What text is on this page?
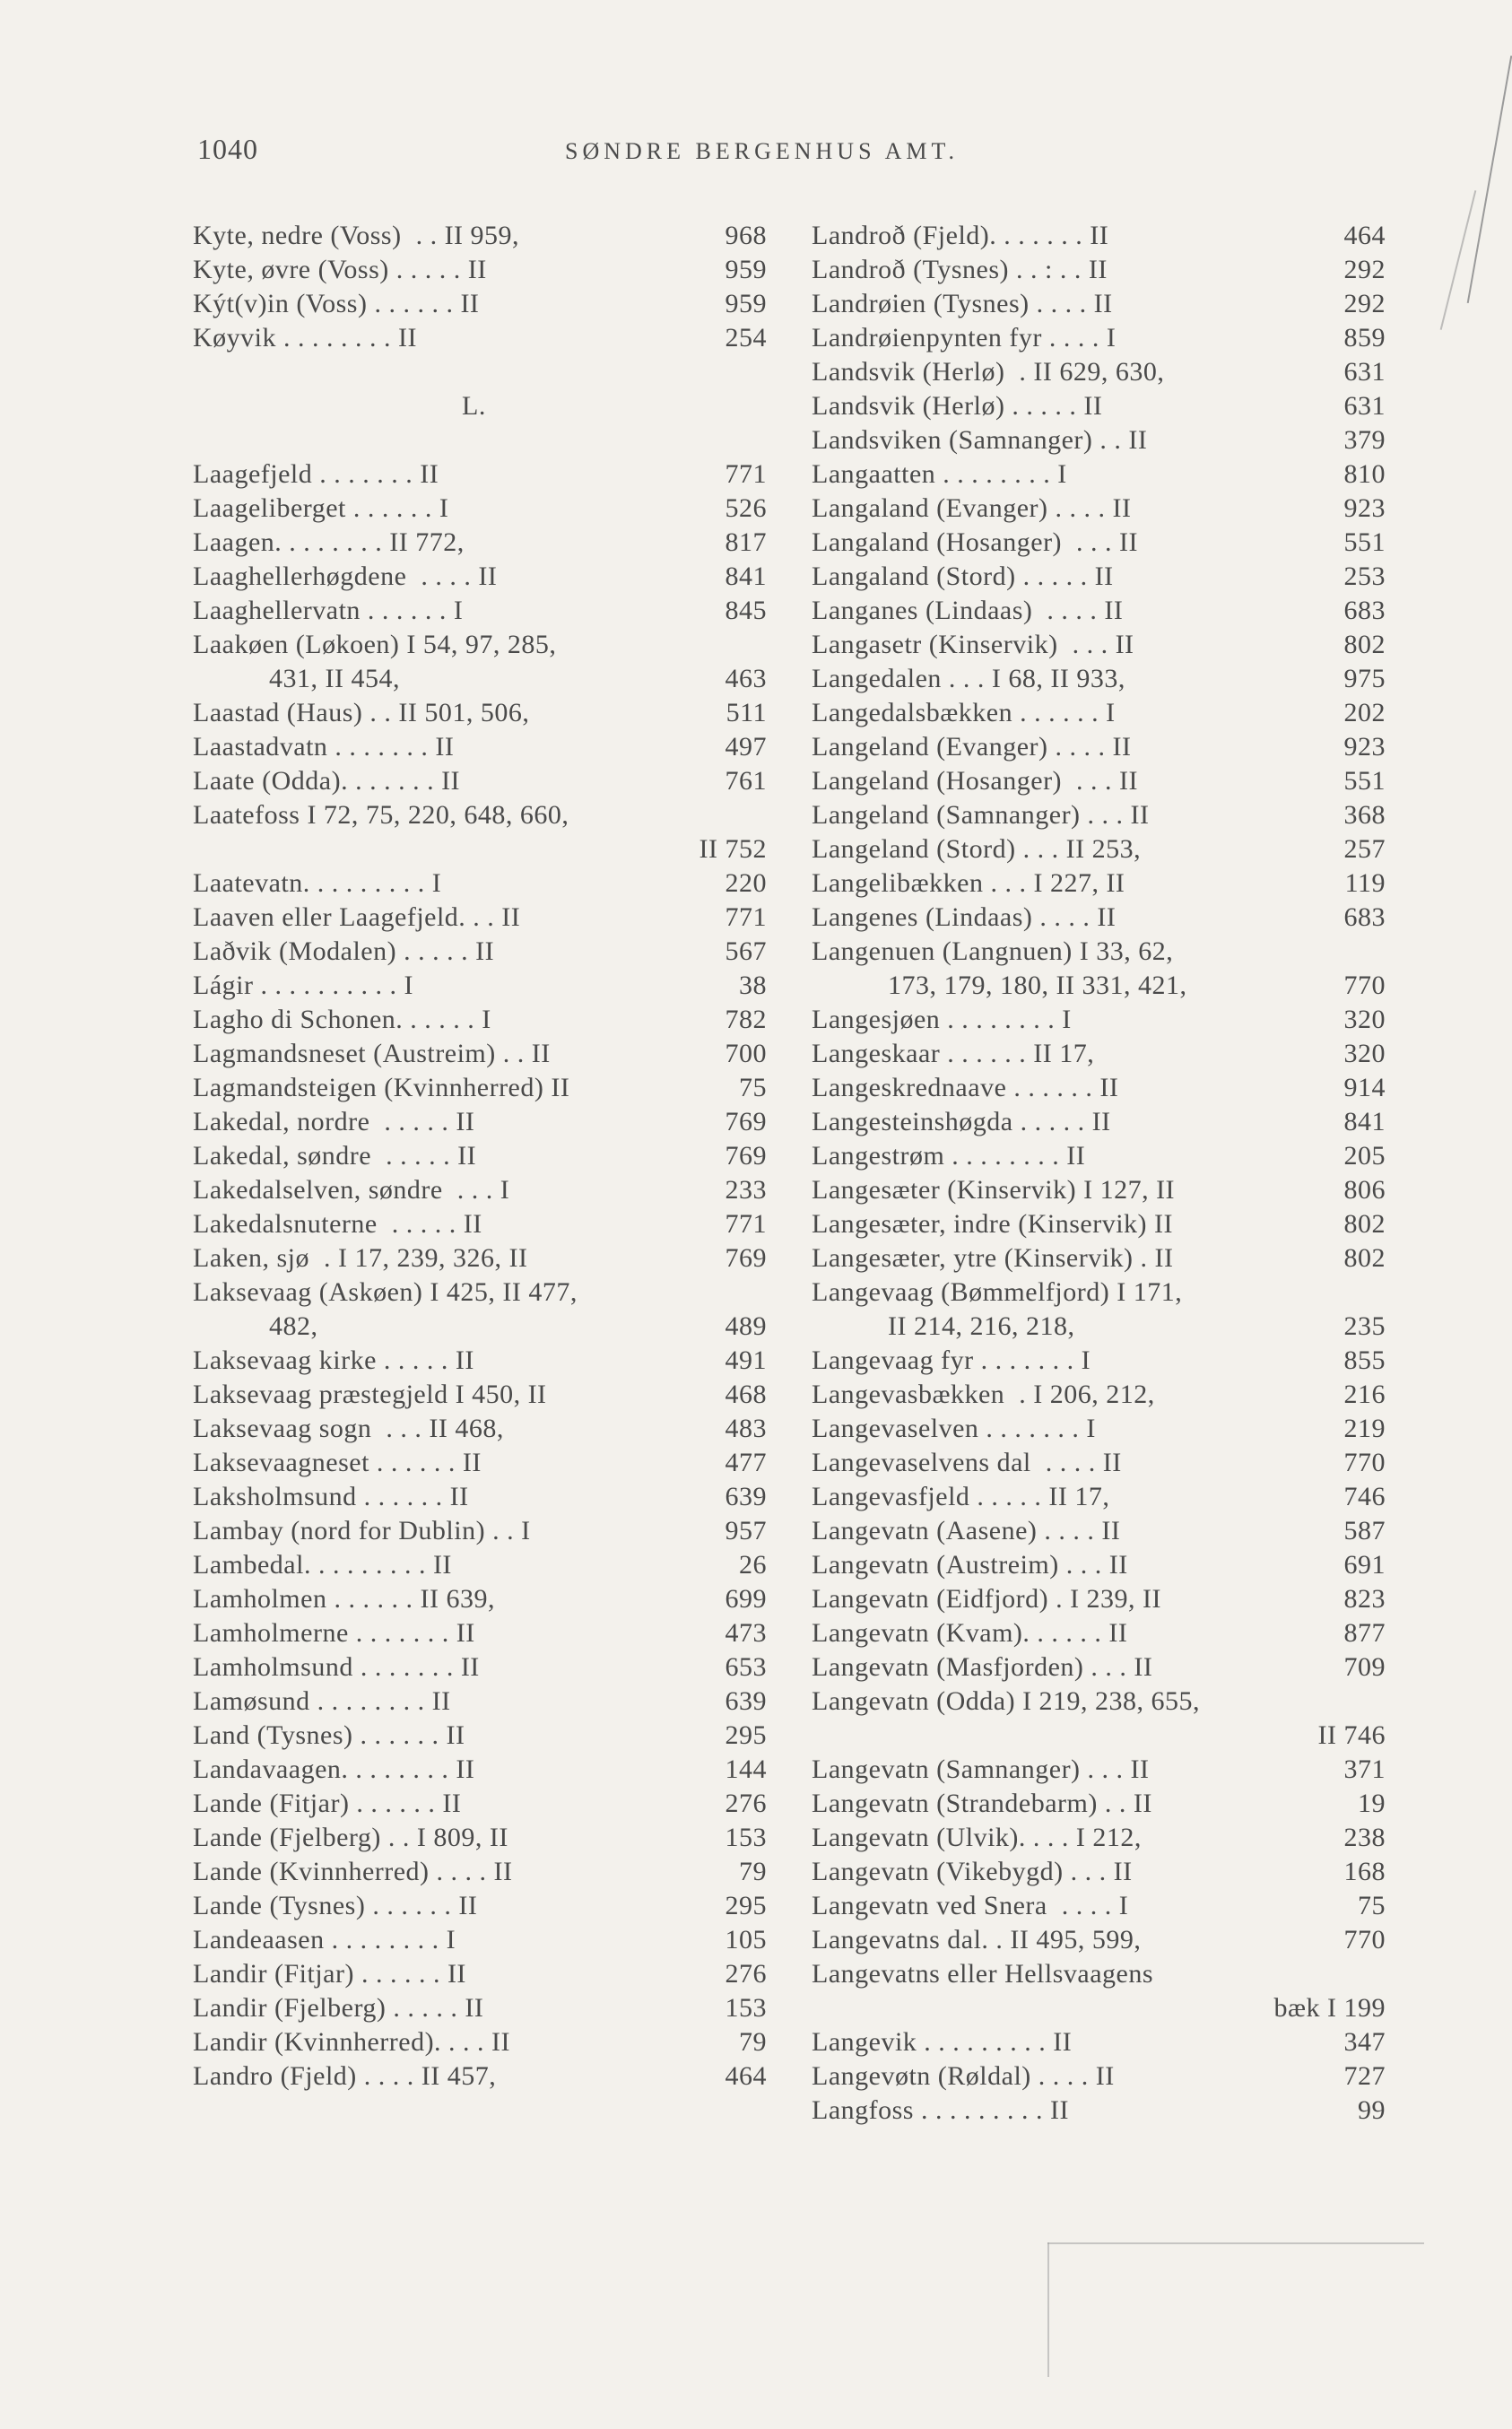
1040	SØNDRE BERGENHUS AMT.
Kyte, nedre (Voss)  . . II 959,	968
Kyte, øvre (Voss) . . . . . II	959
Kýt(v)in (Voss) . . . . . . II	959
Køyvik . . . . . . . . II	254
L.
Laagefjeld . . . . . . . II	771
Laageliberget . . . . . . I	526
Laagen. . . . . . . . II 772,	817
Laaghellerhøgdene  . . . . II	841
Laaghellervatn . . . . . . I	845
Laakøen (Løkoen) I 54, 97, 285,
431, II 454,	463
Laastad (Haus) . . II 501, 506,	511
Laastadvatn . . . . . . . II	497
Laate (Odda). . . . . . . II	761
Laatefoss I 72, 75, 220, 648, 660,
II 752
Laatevatn. . . . . . . . . I	220
Laaven eller Laagefjeld. . . II	771
Laðvik (Modalen) . . . . . II	567
Lágir . . . . . . . . . . I	38
Lagho di Schonen. . . . . . I	782
Lagmandsneset (Austreim) . . II	700
Lagmandsteigen (Kvinnherred) II	75
Lakedal, nordre  . . . . . II	769
Lakedal, søndre  . . . . . II	769
Lakedalselven, søndre  . . . I	233
Lakedalsnuterne  . . . . . II	771
Laken, sjø  . I 17, 239, 326, II	769
Laksevaag (Askøen) I 425, II 477,
482,	489
Laksevaag kirke . . . . . II	491
Laksevaag præstegjeld I 450, II	468
Laksevaag sogn  . . . II 468,	483
Laksevaagneset . . . . . . II	477
Laksholmsund . . . . . . II	639
Lambay (nord for Dublin) . . I	957
Lambedal. . . . . . . . . II	26
Lamholmen . . . . . . II 639,	699
Lamholmerne . . . . . . . II	473
Lamholmsund . . . . . . . II	653
Lamøsund . . . . . . . . II	639
Land (Tysnes) . . . . . . II	295
Landavaagen. . . . . . . . II	144
Lande (Fitjar) . . . . . . II	276
Lande (Fjelberg) . . I 809, II	153
Lande (Kvinnherred) . . . . II	79
Lande (Tysnes) . . . . . . II	295
Landeaasen . . . . . . . . I	105
Landir (Fitjar) . . . . . . II	276
Landir (Fjelberg) . . . . . II	153
Landir (Kvinnherred). . . . II	79
Landro (Fjeld) . . . . II 457,	464
Landroð (Fjeld). . . . . . . II	464
Landroð (Tysnes) . . : . . II	292
Landrøien (Tysnes) . . . . II	292
Landrøienpynten fyr . . . . I	859
Landsvik (Herlø)  . II 629, 630,	631
Landsvik (Herlø) . . . . . II	631
Landsviken (Samnanger) . . II	379
Langaatten . . . . . . . . I	810
Langaland (Evanger) . . . . II	923
Langaland (Hosanger)  . . . II	551
Langaland (Stord) . . . . . II	253
Langanes (Lindaas)  . . . . II	683
Langasetr (Kinservik)  . . . II	802
Langedalen . . . I 68, II 933,	975
Langedalsbækken . . . . . . I	202
Langeland (Evanger) . . . . II	923
Langeland (Hosanger)  . . . II	551
Langeland (Samnanger) . . . II	368
Langeland (Stord) . . . II 253,	257
Langelibækken . . . I 227, II	119
Langenes (Lindaas) . . . . II	683
Langenuen (Langnuen) I 33, 62,
173, 179, 180, II 331, 421,	770
Langesjøen . . . . . . . . I	320
Langeskaar . . . . . . II 17,	320
Langeskrednaave . . . . . . II	914
Langesteinshøgda . . . . . II	841
Langestrøm . . . . . . . . II	205
Langesæter (Kinservik) I 127, II	806
Langesæter, indre (Kinservik) II	802
Langesæter, ytre (Kinservik) . II	802
Langevaag (Bømmelfjord) I 171,
II 214, 216, 218,	235
Langevaag fyr . . . . . . . I	855
Langevasbækken  . I 206, 212,	216
Langevaselven . . . . . . . I	219
Langevaselvens dal  . . . . II	770
Langevasfjeld . . . . . II 17,	746
Langevatn (Aasene) . . . . II	587
Langevatn (Austreim) . . . II	691
Langevatn (Eidfjord) . I 239, II	823
Langevatn (Kvam). . . . . . II	877
Langevatn (Masfjorden) . . . II	709
Langevatn (Odda) I 219, 238, 655,
II 746
Langevatn (Samnanger) . . . II	371
Langevatn (Strandebarm) . . II	19
Langevatn (Ulvik). . . . I 212,	238
Langevatn (Vikebygd) . . . II	168
Langevatn ved Snera  . . . . I	75
Langevatns dal. . II 495, 599,	770
Langevatns eller Hellsvaagens
bæk I 199
Langevik . . . . . . . . . II	347
Langevøtn (Røldal) . . . . II	727
Langfoss . . . . . . . . . II	99
